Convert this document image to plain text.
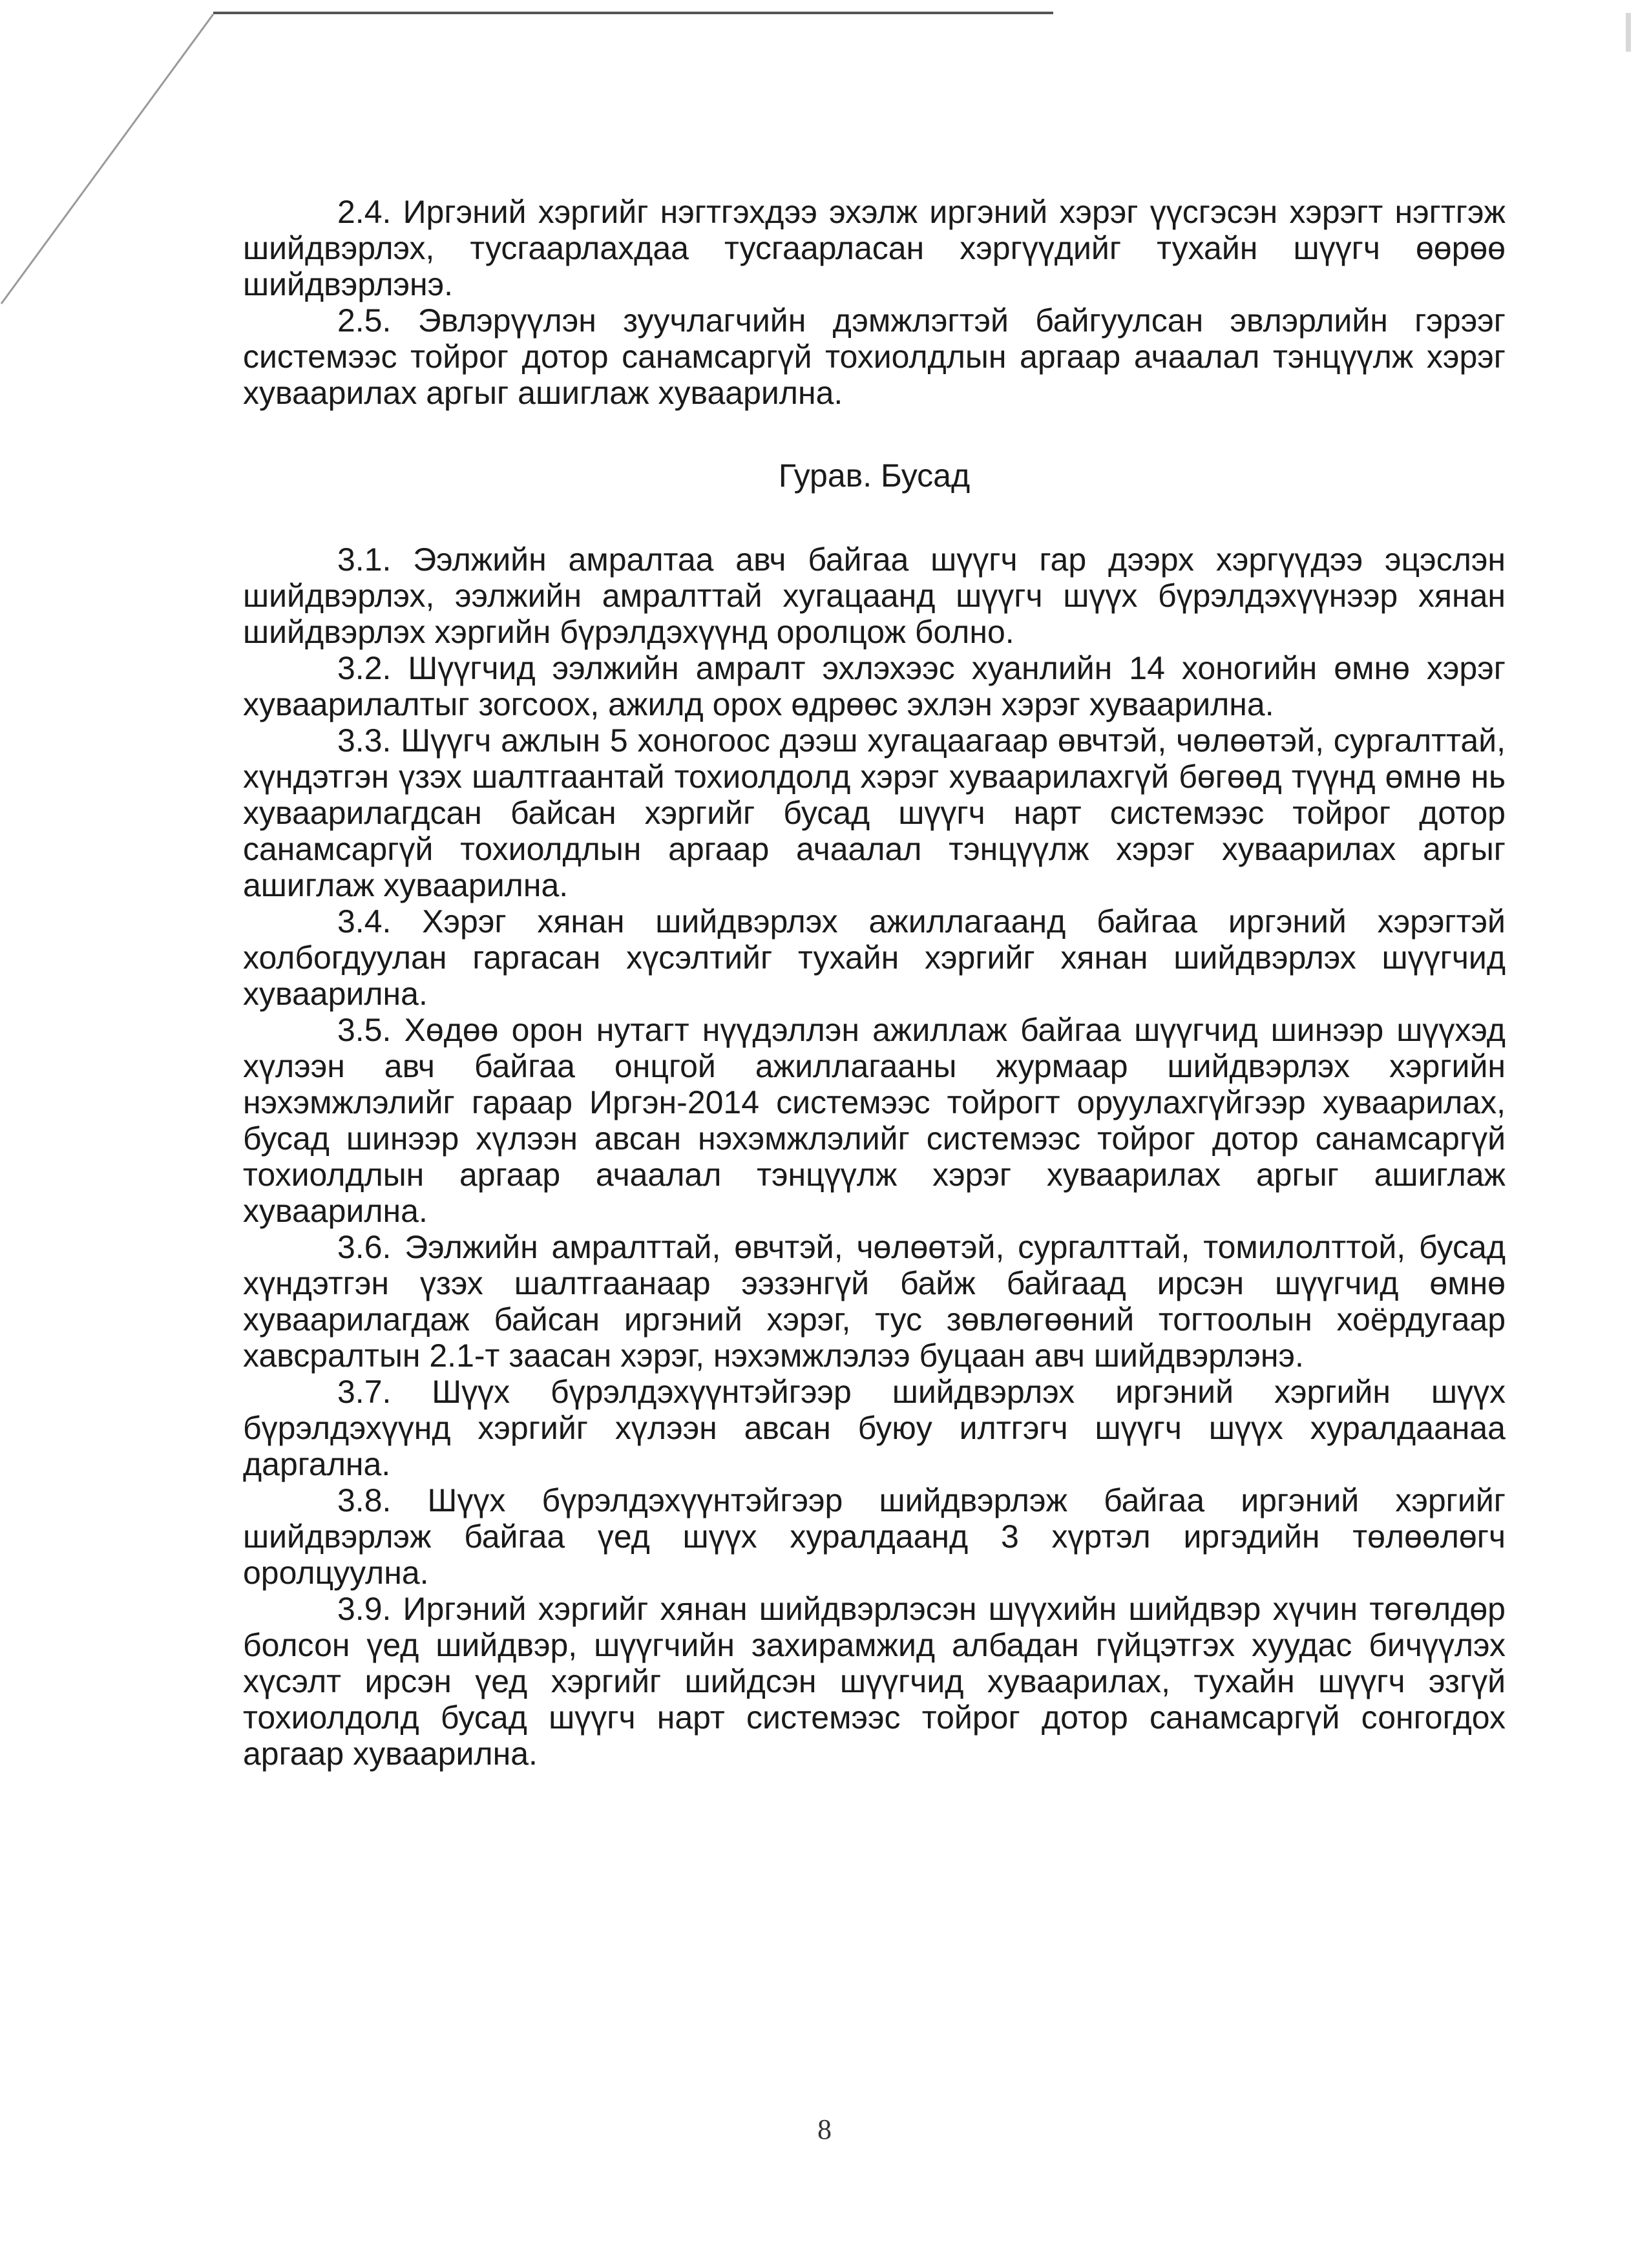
2.4. Иргэний хэргийг нэгтгэхдээ эхэлж иргэний хэрэг үүсгэсэн хэрэгт нэгтгэж шийдвэрлэх, тусгаарлахдаа тусгаарласан хэргүүдийг тухайн шүүгч өөрөө шийдвэрлэнэ.

2.5. Эвлэрүүлэн зуучлагчийн дэмжлэгтэй байгуулсан эвлэрлийн гэрээг системээс тойрог дотор санамсаргүй тохиолдлын аргаар ачаалал тэнцүүлж хэрэг хуваарилах аргыг ашиглаж хуваарилна.

Гурав. Бусад

3.1. Ээлжийн амралтаа авч байгаа шүүгч гар дээрх хэргүүдээ эцэслэн шийдвэрлэх, ээлжийн амралттай хугацаанд шүүгч шүүх бүрэлдэхүүнээр хянан шийдвэрлэх хэргийн бүрэлдэхүүнд оролцож болно.

3.2. Шүүгчид ээлжийн амралт эхлэхээс хуанлийн 14 хоногийн өмнө хэрэг хуваарилалтыг зогсоох, ажилд орох өдрөөс эхлэн хэрэг хуваарилна.

3.3. Шүүгч ажлын 5 хоногоос дээш хугацаагаар өвчтэй, чөлөөтэй, сургалттай, хүндэтгэн үзэх шалтгаантай тохиолдолд хэрэг хуваарилахгүй бөгөөд түүнд өмнө нь хуваарилагдсан байсан хэргийг бусад шүүгч нарт системээс тойрог дотор санамсаргүй тохиолдлын аргаар ачаалал тэнцүүлж хэрэг хуваарилах аргыг ашиглаж хуваарилна.

3.4. Хэрэг хянан шийдвэрлэх ажиллагаанд байгаа иргэний хэрэгтэй холбогдуулан гаргасан хүсэлтийг тухайн хэргийг хянан шийдвэрлэх шүүгчид хуваарилна.

3.5. Хөдөө орон нутагт нүүдэллэн ажиллаж байгаа шүүгчид шинээр шүүхэд хүлээн авч байгаа онцгой ажиллагааны журмаар шийдвэрлэх хэргийн нэхэмжлэлийг гараар Иргэн-2014 системээс тойрогт оруулахгүйгээр хуваарилах, бусад шинээр хүлээн авсан нэхэмжлэлийг системээс тойрог дотор санамсаргүй тохиолдлын аргаар ачаалал тэнцүүлж хэрэг хуваарилах аргыг ашиглаж хуваарилна.

3.6. Ээлжийн амралттай, өвчтэй, чөлөөтэй, сургалттай, томилолттой, бусад хүндэтгэн үзэх шалтгаанаар ээзэнгүй байж байгаад ирсэн шүүгчид өмнө хуваарилагдаж байсан иргэний хэрэг, тус зөвлөгөөний тогтоолын хоёрдугаар хавсралтын 2.1-т заасан хэрэг, нэхэмжлэлээ буцаан авч шийдвэрлэнэ.

3.7. Шүүх бүрэлдэхүүнтэйгээр шийдвэрлэх иргэний хэргийн шүүх бүрэлдэхүүнд хэргийг хүлээн авсан буюу илтгэгч шүүгч шүүх хуралдаанаа даргална.

3.8. Шүүх бүрэлдэхүүнтэйгээр шийдвэрлэж байгаа иргэний хэргийг шийдвэрлэж байгаа үед шүүх хуралдаанд 3 хүртэл иргэдийн төлөөлөгч оролцуулна.

3.9. Иргэний хэргийг хянан шийдвэрлэсэн шүүхийн шийдвэр хүчин төгөлдөр болсон үед шийдвэр, шүүгчийн захирамжид албадан гүйцэтгэх хуудас бичүүлэх хүсэлт ирсэн үед хэргийг шийдсэн шүүгчид хуваарилах, тухайн шүүгч эзгүй тохиолдолд бусад шүүгч нарт системээс тойрог дотор санамсаргүй сонгогдох аргаар хуваарилна.

8
